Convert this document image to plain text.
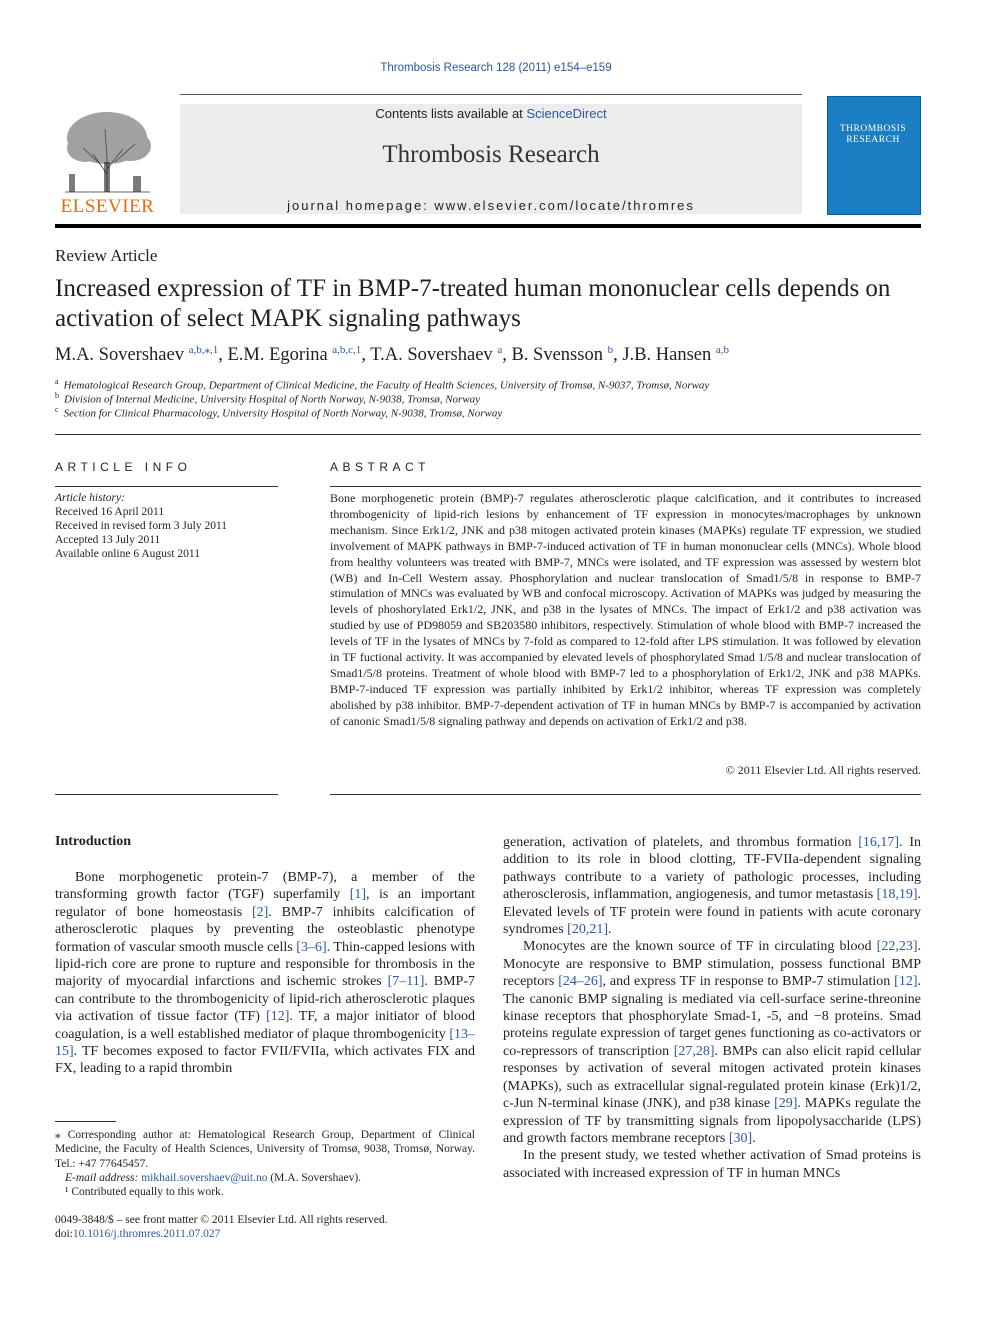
Thrombosis Research 128 (2011) e154–e159
Contents lists available at ScienceDirect
Thrombosis Research
journal homepage: www.elsevier.com/locate/thromres
ELSEVIER
THROMBOSIS
RESEARCH
Review Article
Increased expression of TF in BMP-7-treated human mononuclear cells depends on activation of select MAPK signaling pathways
M.A. Sovershaev $^{a,b,⁎,1}$, E.M. Egorina $^{a,b,c,1}$, T.A. Sovershaev $^a$, B. Svensson $^b$, J.B. Hansen $^{a,b}$
$^a$ Hematological Research Group, Department of Clinical Medicine, the Faculty of Health Sciences, University of Tromsø, N-9037, Tromsø, Norway
$^b$ Division of Internal Medicine, University Hospital of North Norway, N-9038, Tromsø, Norway
$^c$ Section for Clinical Pharmacology, University Hospital of North Norway, N-9038, Tromsø, Norway
ARTICLE INFO
Article history:
Received 16 April 2011
Received in revised form 3 July 2011
Accepted 13 July 2011
Available online 6 August 2011
ABSTRACT
Bone morphogenetic protein (BMP)-7 regulates atherosclerotic plaque calcification, and it contributes to increased thrombogenicity of lipid-rich lesions by enhancement of TF expression in monocytes/macrophages by unknown mechanism. Since Erk1/2, JNK and p38 mitogen activated protein kinases (MAPKs) regulate TF expression, we studied involvement of MAPK pathways in BMP-7-induced activation of TF in human mononuclear cells (MNCs). Whole blood from healthy volunteers was treated with BMP-7, MNCs were isolated, and TF expression was assessed by western blot (WB) and In-Cell Western assay. Phosphorylation and nuclear translocation of Smad1/5/8 in response to BMP-7 stimulation of MNCs was evaluated by WB and confocal microscopy. Activation of MAPKs was judged by measuring the levels of phoshorylated Erk1/2, JNK, and p38 in the lysates of MNCs. The impact of Erk1/2 and p38 activation was studied by use of PD98059 and SB203580 inhibitors, respectively. Stimulation of whole blood with BMP-7 increased the levels of TF in the lysates of MNCs by 7-fold as compared to 12-fold after LPS stimulation. It was followed by elevation in TF fuctional activity. It was accompanied by elevated levels of phosphorylated Smad 1/5/8 and nuclear translocation of Smad1/5/8 proteins. Treatment of whole blood with BMP-7 led to a phosphorylation of Erk1/2, JNK and p38 MAPKs. BMP-7-induced TF expression was partially inhibited by Erk1/2 inhibitor, whereas TF expression was completely abolished by p38 inhibitor. BMP-7-dependent activation of TF in human MNCs by BMP-7 is accompanied by activation of canonic Smad1/5/8 signaling pathway and depends on activation of Erk1/2 and p38.
© 2011 Elsevier Ltd. All rights reserved.
Introduction

Bone morphogenetic protein-7 (BMP-7), a member of the transforming growth factor (TGF) superfamily [1], is an important regulator of bone homeostasis [2]. BMP-7 inhibits calcification of atherosclerotic plaques by preventing the osteoblastic phenotype formation of vascular smooth muscle cells [3–6]. Thin-capped lesions with lipid-rich core are prone to rupture and responsible for thrombosis in the majority of myocardial infarctions and ischemic strokes [7–11]. BMP-7 can contribute to the thrombogenicity of lipid-rich atherosclerotic plaques via activation of tissue factor (TF) [12]. TF, a major initiator of blood coagulation, is a well established mediator of plaque thrombogenicity [13–15]. TF becomes exposed to factor FVII/FVIIa, which activates FIX and FX, leading to a rapid thrombin

generation, activation of platelets, and thrombus formation [16,17]. In addition to its role in blood clotting, TF-FVIIa-dependent signaling pathways contribute to a variety of pathologic processes, including atherosclerosis, inflammation, angiogenesis, and tumor metastasis [18,19]. Elevated levels of TF protein were found in patients with acute coronary syndromes [20,21].

Monocytes are the known source of TF in circulating blood [22,23]. Monocyte are responsive to BMP stimulation, possess functional BMP receptors [24–26], and express TF in response to BMP-7 stimulation [12]. The canonic BMP signaling is mediated via cell-surface serine-threonine kinase receptors that phosphorylate Smad-1, -5, and −8 proteins. Smad proteins regulate expression of target genes functioning as co-activators or co-repressors of transcription [27,28]. BMPs can also elicit rapid cellular responses by activation of several mitogen activated protein kinases (MAPKs), such as extracellular signal-regulated protein kinase (Erk)1/2, c-Jun N-terminal kinase (JNK), and p38 kinase [29]. MAPKs regulate the expression of TF by transmitting signals from lipopolysaccharide (LPS) and growth factors membrane receptors [30].

In the present study, we tested whether activation of Smad proteins is associated with increased expression of TF in human MNCs

⁎ Corresponding author at: Hematological Research Group, Department of Clinical Medicine, the Faculty of Health Sciences, University of Tromsø, 9038, Tromsø, Norway. Tel.: +47 77645457.
E-mail address: mikhail.sovershaev@uit.no (M.A. Sovershaev).
¹ Contributed equally to this work.
0049-3848/$ – see front matter © 2011 Elsevier Ltd. All rights reserved.
doi:10.1016/j.thromres.2011.07.027
